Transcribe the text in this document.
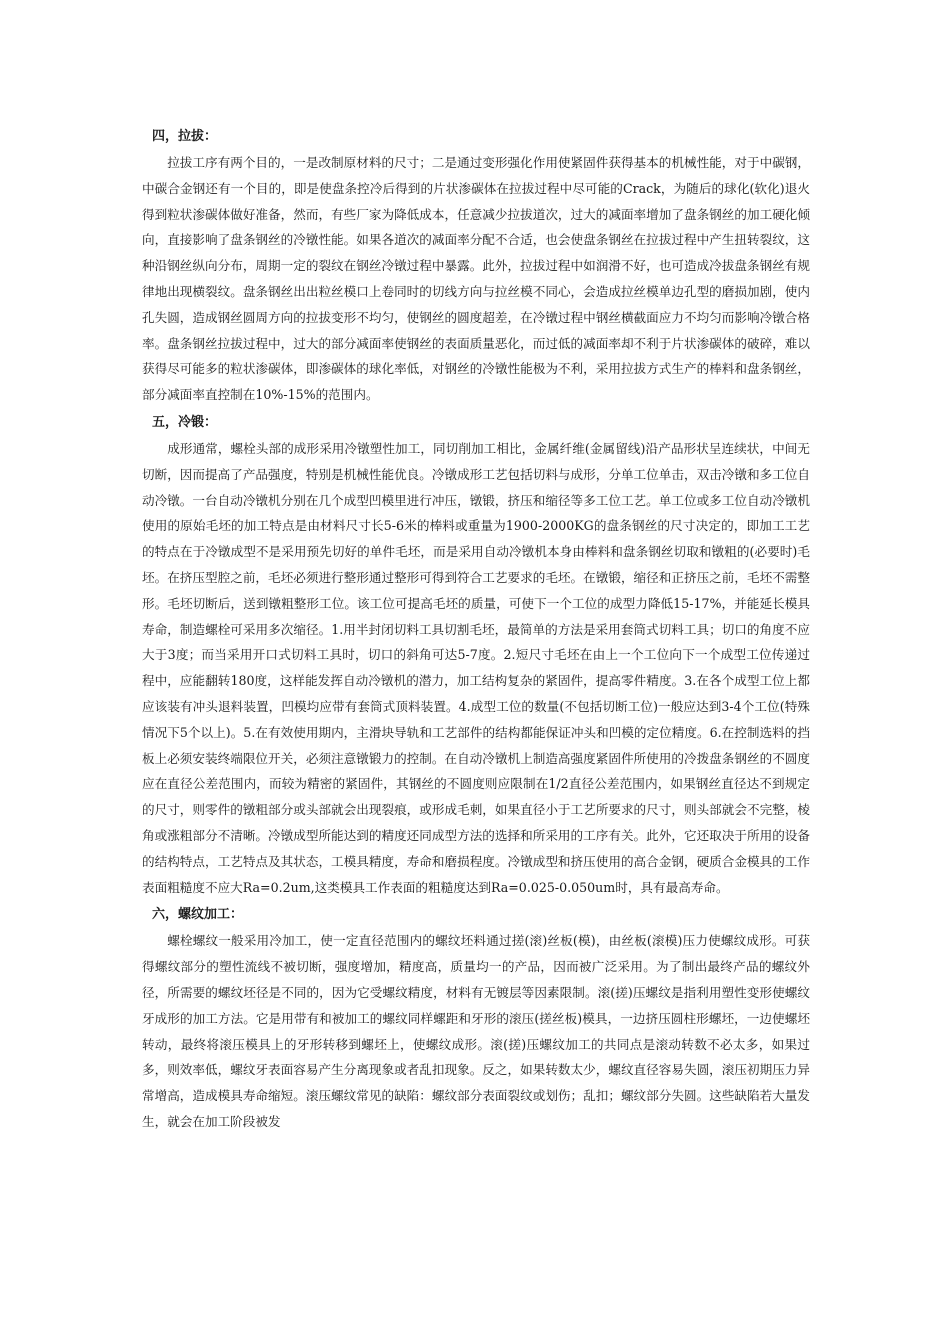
四，拉拔：

拉拔工序有两个目的，一是改制原材料的尺寸；二是通过变形强化作用使紧固件获得基本的机械性能，对于中碳钢，中碳合金钢还有一个目的，即是使盘条控冷后得到的片状渗碳体在拉拔过程中尽可能的Crack，为随后的球化(软化)退火得到粒状渗碳体做好准备，然而，有些厂家为降低成本，任意减少拉拔道次，过大的减面率增加了盘条钢丝的加工硬化倾向，直接影响了盘条钢丝的冷镦性能。如果各道次的减面率分配不合适，也会使盘条钢丝在拉拔过程中产生扭转裂纹，这种沿钢丝纵向分布，周期一定的裂纹在钢丝冷镦过程中暴露。此外，拉拔过程中如润滑不好，也可造成冷拔盘条钢丝有规律地出现横裂纹。盘条钢丝出出粒丝模口上卷同时的切线方向与拉丝模不同心，会造成拉丝模单边孔型的磨损加剧，使内孔失圆，造成钢丝圆周方向的拉拔变形不均匀，使钢丝的圆度超差，在冷镦过程中钢丝横截面应力不均匀而影响冷镦合格率。盘条钢丝拉拔过程中，过大的部分减面率使钢丝的表面质量恶化，而过低的减面率却不利于片状渗碳体的破碎，难以获得尽可能多的粒状渗碳体，即渗碳体的球化率低，对钢丝的冷镦性能极为不利，采用拉拔方式生产的棒料和盘条钢丝，部分减面率直控制在10%-15%的范围内。

五，冷锻：

成形通常，螺栓头部的成形采用冷镦塑性加工，同切削加工相比，金属纤维(金属留线)沿产品形状呈连续状，中间无切断，因而提高了产品强度，特别是机械性能优良。冷镦成形工艺包括切料与成形，分单工位单击，双击冷镦和多工位自动冷镦。一台自动冷镦机分别在几个成型凹模里进行冲压，镦锻，挤压和缩径等多工位工艺。单工位或多工位自动冷镦机使用的原始毛坯的加工特点是由材料尺寸长5-6米的棒料或重量为1900-2000KG的盘条钢丝的尺寸决定的，即加工工艺的特点在于冷镦成型不是采用预先切好的单件毛坯，而是采用自动冷镦机本身由棒料和盘条钢丝切取和镦粗的(必要时)毛坯。在挤压型腔之前，毛坯必须进行整形通过整形可得到符合工艺要求的毛坯。在镦锻，缩径和正挤压之前，毛坯不需整形。毛坯切断后，送到镦粗整形工位。该工位可提高毛坯的质量，可使下一个工位的成型力降低15-17%，并能延长模具寿命，制造螺栓可采用多次缩径。1.用半封闭切料工具切割毛坯，最简单的方法是采用套筒式切料工具；切口的角度不应大于3度；而当采用开口式切料工具时，切口的斜角可达5-7度。2.短尺寸毛坯在由上一个工位向下一个成型工位传递过程中，应能翻转180度，这样能发挥自动冷镦机的潜力，加工结构复杂的紧固件，提高零件精度。3.在各个成型工位上都应该装有冲头退料装置，凹模均应带有套筒式顶料装置。4.成型工位的数量(不包括切断工位)一般应达到3-4个工位(特殊情况下5个以上)。5.在有效使用期内，主滑块导轨和工艺部件的结构都能保证冲头和凹模的定位精度。6.在控制选料的挡板上必须安装终端限位开关，必须注意镦锻力的控制。在自动冷镦机上制造高强度紧固件所使用的冷拨盘条钢丝的不圆度应在直径公差范围内，而较为精密的紧固件，其钢丝的不圆度则应限制在1/2直径公差范围内，如果钢丝直径达不到规定的尺寸，则零件的镦粗部分或头部就会出现裂痕，或形成毛刺，如果直径小于工艺所要求的尺寸，则头部就会不完整，棱角或涨粗部分不清晰。冷镦成型所能达到的精度还同成型方法的选择和所采用的工序有关。此外，它还取决于所用的设备的结构特点，工艺特点及其状态，工模具精度，寿命和磨损程度。冷镦成型和挤压使用的高合金钢，硬质合金模具的工作表面粗糙度不应大Ra=0.2um,这类模具工作表面的粗糙度达到Ra=0.025-0.050um时，具有最高寿命。

六，螺纹加工：

螺栓螺纹一般采用冷加工，使一定直径范围内的螺纹坯料通过搓(滚)丝板(模)，由丝板(滚模)压力使螺纹成形。可获得螺纹部分的塑性流线不被切断，强度增加，精度高，质量均一的产品，因而被广泛采用。为了制出最终产品的螺纹外径，所需要的螺纹坯径是不同的，因为它受螺纹精度，材料有无镀层等因素限制。滚(搓)压螺纹是指利用塑性变形使螺纹牙成形的加工方法。它是用带有和被加工的螺纹同样螺距和牙形的滚压(搓丝板)模具，一边挤压圆柱形螺坯，一边使螺坯转动，最终将滚压模具上的牙形转移到螺坯上，使螺纹成形。滚(搓)压螺纹加工的共同点是滚动转数不必太多，如果过多，则效率低，螺纹牙表面容易产生分离现象或者乱扣现象。反之，如果转数太少，螺纹直径容易失圆，滚压初期压力异常增高，造成模具寿命缩短。滚压螺纹常见的缺陷：螺纹部分表面裂纹或划伤；乱扣；螺纹部分失圆。这些缺陷若大量发生，就会在加工阶段被发
